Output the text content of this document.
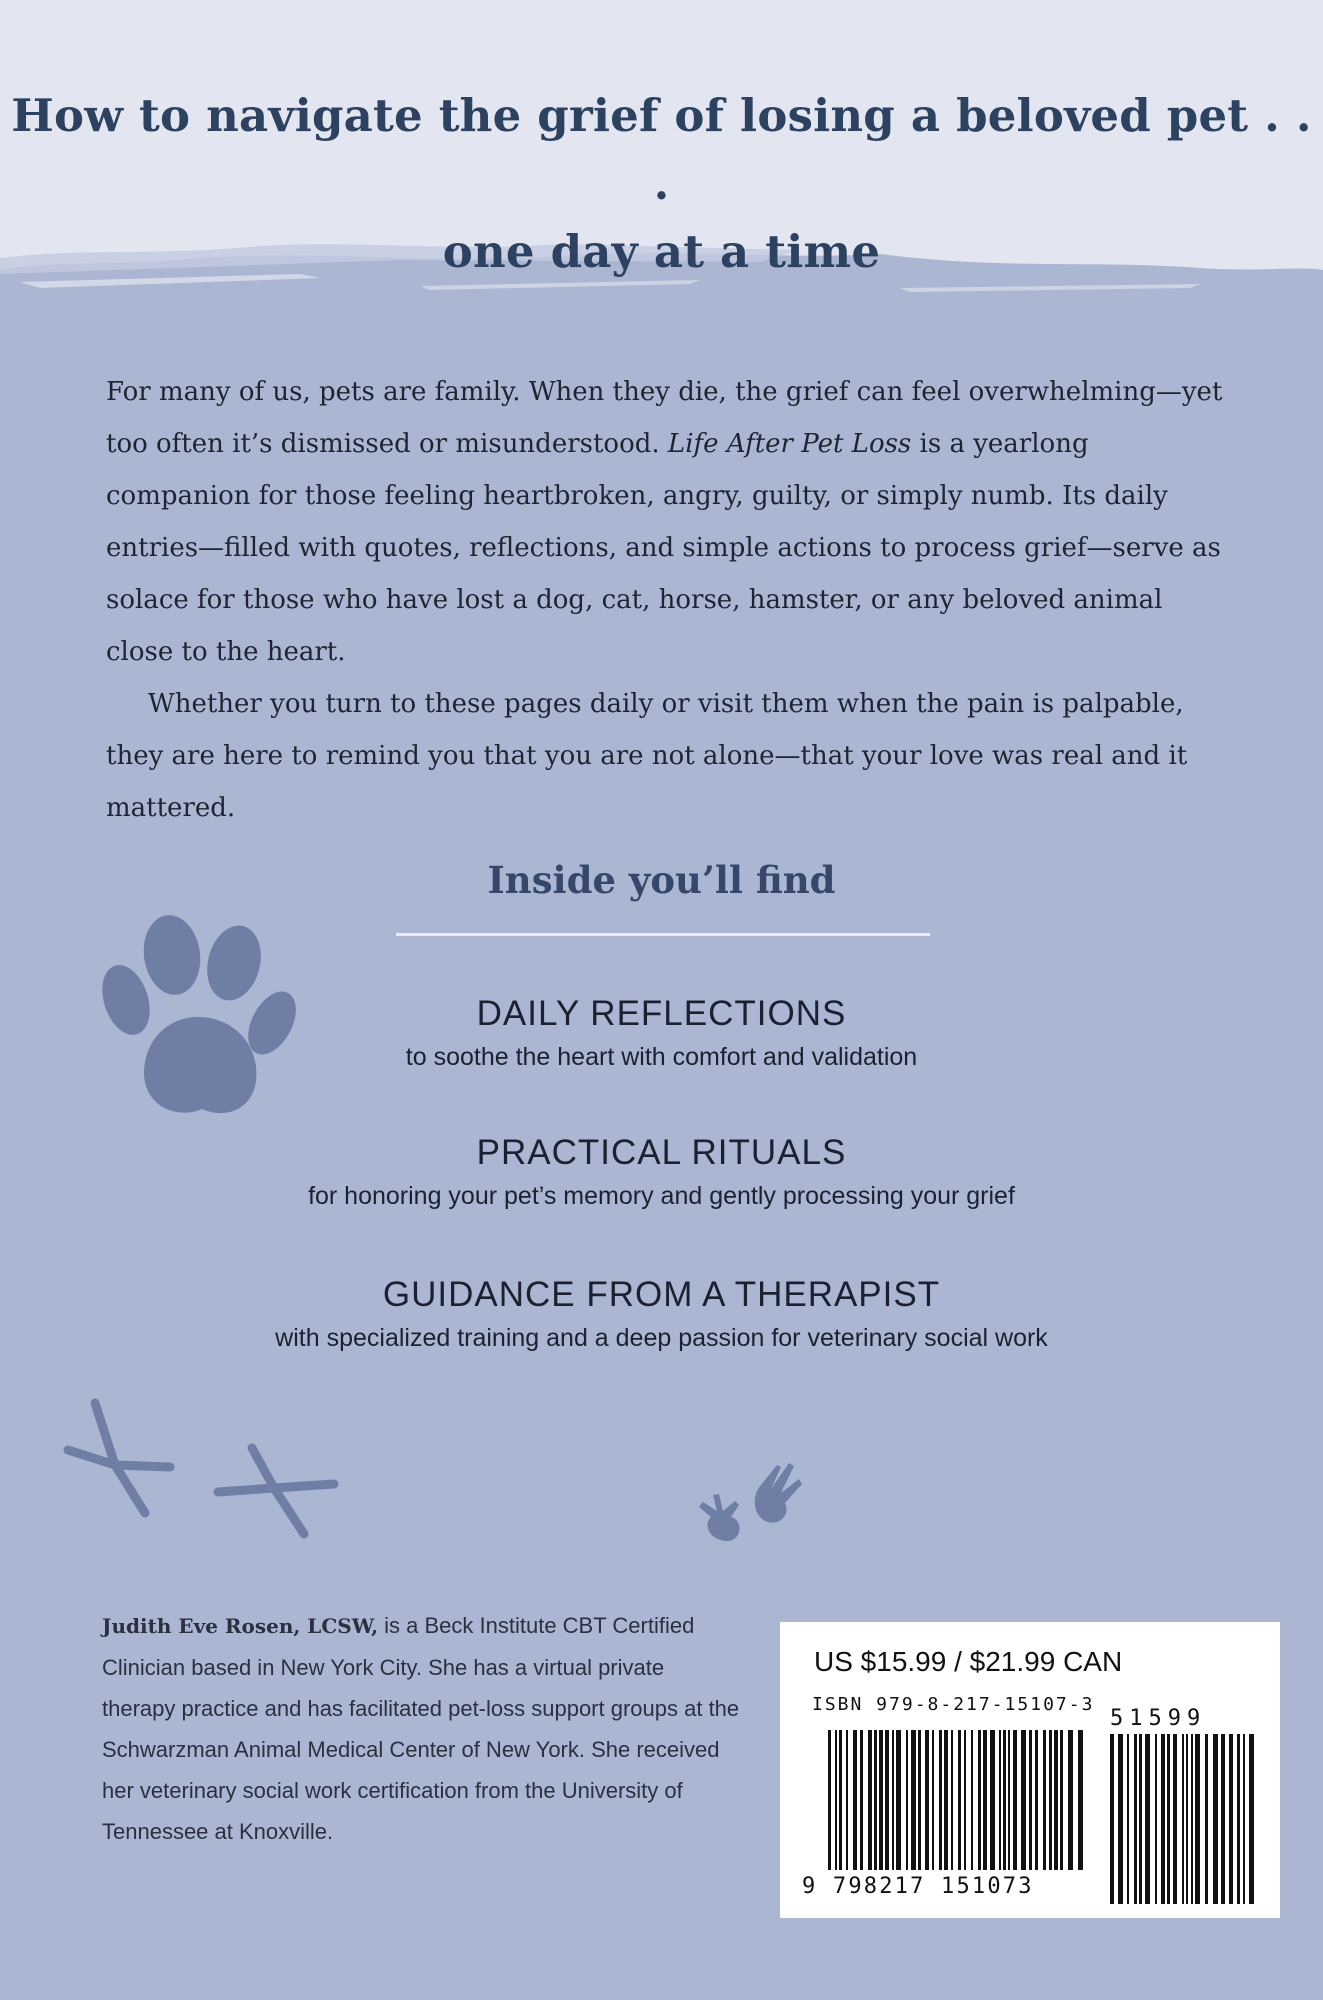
How to navigate the grief of losing a beloved pet . . .
one day at a time

For many of us, pets are family. When they die, the grief can feel overwhelming—yet too often it’s dismissed or misunderstood. Life After Pet Loss is a yearlong companion for those feeling heartbroken, angry, guilty, or simply numb. Its daily entries—filled with quotes, reflections, and simple actions to process grief—serve as solace for those who have lost a dog, cat, horse, hamster, or any beloved animal close to the heart.

Whether you turn to these pages daily or visit them when the pain is palpable, they are here to remind you that you are not alone—that your love was real and it mattered.

Inside you’ll find
DAILY REFLECTIONS
to soothe the heart with comfort and validation
PRACTICAL RITUALS
for honoring your pet’s memory and gently processing your grief
GUIDANCE FROM A THERAPIST
with specialized training and a deep passion for veterinary social work
Judith Eve Rosen, LCSW, is a Beck Institute CBT Certified Clinician based in New York City. She has a virtual private therapy practice and has facilitated pet-loss support groups at the Schwarzman Animal Medical Center of New York. She received her veterinary social work certification from the University of Tennessee at Knoxville.
US $15.99 / $21.99 CAN
ISBN 979-8-217-15107-3
9 798217 151073
51599
